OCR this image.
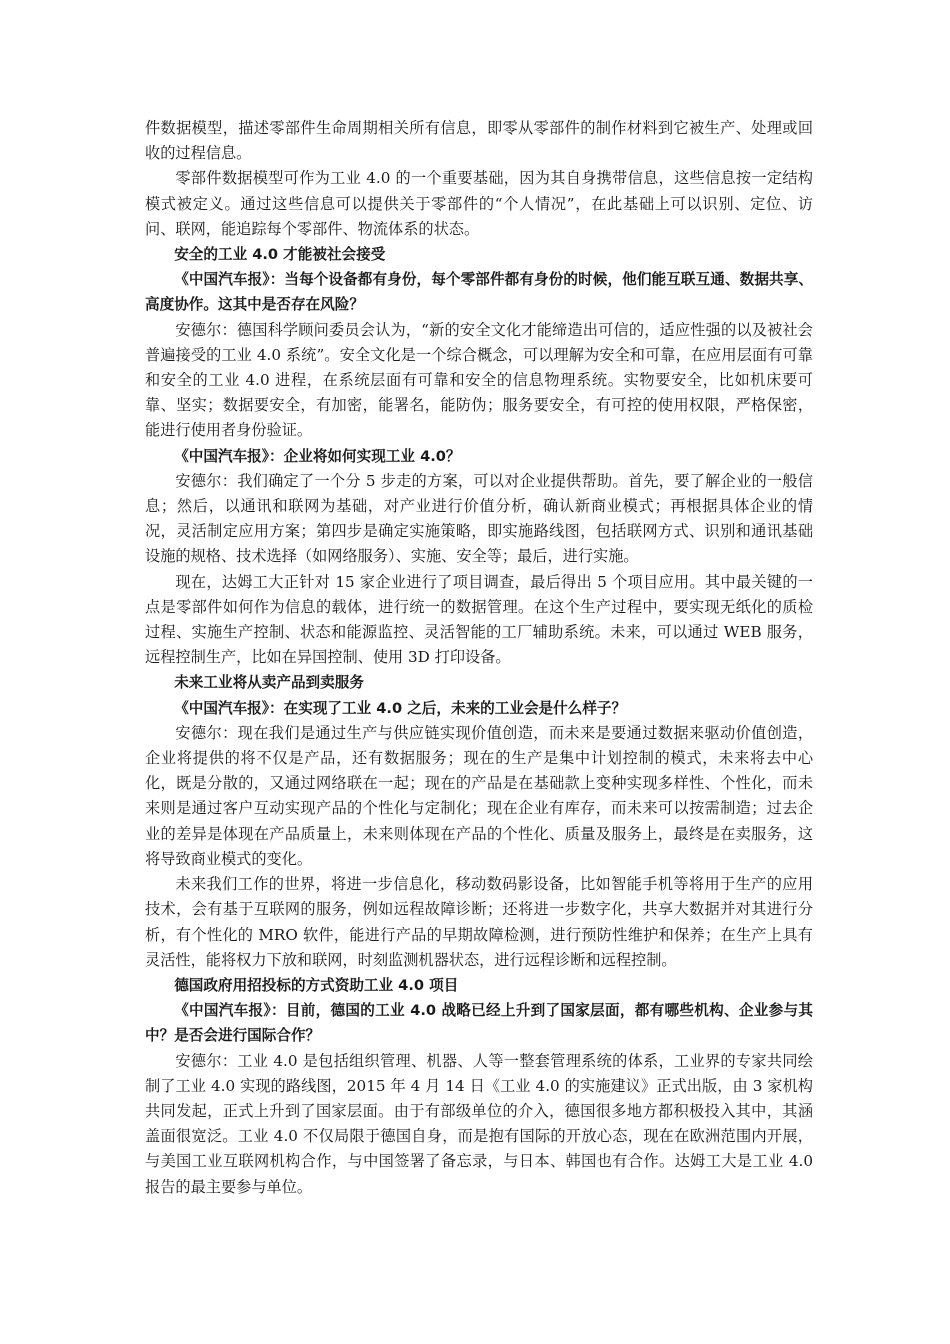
件数据模型，描述零部件生命周期相关所有信息，即零从零部件的制作材料到它被生产、处理或回收的过程信息。

零部件数据模型可作为工业 4.0 的一个重要基础，因为其自身携带信息，这些信息按一定结构模式被定义。通过这些信息可以提供关于零部件的“个人情况”，在此基础上可以识别、定位、访问、联网，能追踪每个零部件、物流体系的状态。

安全的工业 4.0 才能被社会接受

《中国汽车报》：当每个设备都有身份，每个零部件都有身份的时候，他们能互联互通、数据共享、高度协作。这其中是否存在风险？

安德尔：德国科学顾问委员会认为，“新的安全文化才能缔造出可信的，适应性强的以及被社会普遍接受的工业 4.0 系统”。安全文化是一个综合概念，可以理解为安全和可靠，在应用层面有可靠和安全的工业 4.0 进程，在系统层面有可靠和安全的信息物理系统。实物要安全，比如机床要可靠、坚实；数据要安全，有加密，能署名，能防伪；服务要安全，有可控的使用权限，严格保密，能进行使用者身份验证。

《中国汽车报》：企业将如何实现工业 4.0？

安德尔：我们确定了一个分 5 步走的方案，可以对企业提供帮助。首先，要了解企业的一般信息；然后，以通讯和联网为基础，对产业进行价值分析，确认新商业模式；再根据具体企业的情况，灵活制定应用方案；第四步是确定实施策略，即实施路线图，包括联网方式、识别和通讯基础设施的规格、技术选择（如网络服务）、实施、安全等；最后，进行实施。

现在，达姆工大正针对 15 家企业进行了项目调查，最后得出 5 个项目应用。其中最关键的一点是零部件如何作为信息的载体，进行统一的数据管理。在这个生产过程中，要实现无纸化的质检过程、实施生产控制、状态和能源监控、灵活智能的工厂辅助系统。未来，可以通过 WEB 服务，远程控制生产，比如在异国控制、使用 3D 打印设备。

未来工业将从卖产品到卖服务

《中国汽车报》：在实现了工业 4.0 之后，未来的工业会是什么样子？

安德尔：现在我们是通过生产与供应链实现价值创造，而未来是要通过数据来驱动价值创造，企业将提供的将不仅是产品，还有数据服务；现在的生产是集中计划控制的模式，未来将去中心化，既是分散的，又通过网络联在一起；现在的产品是在基础款上变种实现多样性、个性化，而未来则是通过客户互动实现产品的个性化与定制化；现在企业有库存，而未来可以按需制造；过去企业的差异是体现在产品质量上，未来则体现在产品的个性化、质量及服务上，最终是在卖服务，这将导致商业模式的变化。

未来我们工作的世界，将进一步信息化，移动数码影设备，比如智能手机等将用于生产的应用技术，会有基于互联网的服务，例如远程故障诊断；还将进一步数字化，共享大数据并对其进行分析，有个性化的 MRO 软件，能进行产品的早期故障检测，进行预防性维护和保养；在生产上具有灵活性，能将权力下放和联网，时刻监测机器状态，进行远程诊断和远程控制。

德国政府用招投标的方式资助工业 4.0 项目

《中国汽车报》：目前，德国的工业 4.0 战略已经上升到了国家层面，都有哪些机构、企业参与其中？是否会进行国际合作？

安德尔：工业 4.0 是包括组织管理、机器、人等一整套管理系统的体系，工业界的专家共同绘制了工业 4.0 实现的路线图，2015 年 4 月 14 日《工业 4.0 的实施建议》正式出版，由 3 家机构共同发起，正式上升到了国家层面。由于有部级单位的介入，德国很多地方都积极投入其中，其涵盖面很宽泛。工业 4.0 不仅局限于德国自身，而是抱有国际的开放心态，现在在欧洲范围内开展，与美国工业互联网机构合作，与中国签署了备忘录，与日本、韩国也有合作。达姆工大是工业 4.0 报告的最主要参与单位。
